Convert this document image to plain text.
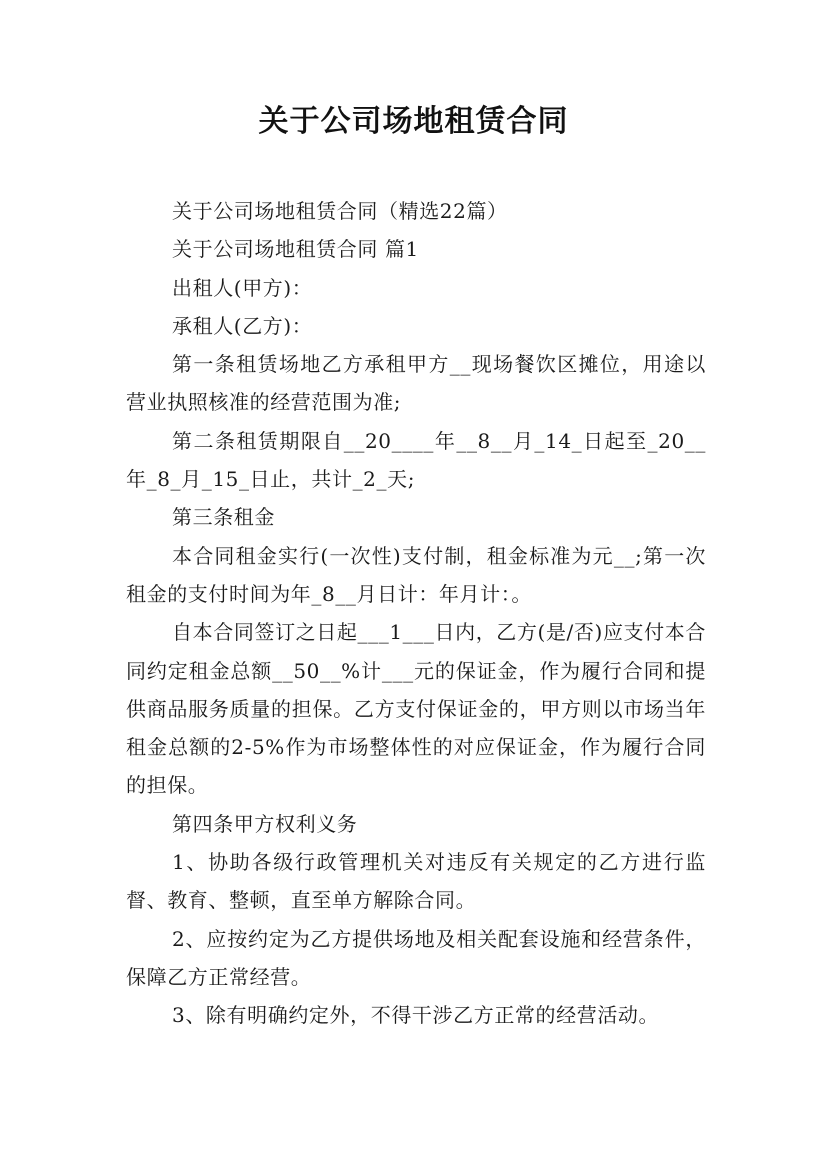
关于公司场地租赁合同

关于公司场地租赁合同（精选22篇）

关于公司场地租赁合同 篇1

出租人(甲方)：

承租人(乙方)：

第一条租赁场地乙方承租甲方__现场餐饮区摊位，用途以营业执照核准的经营范围为准;

第二条租赁期限自__20____年__8__月_14_日起至_20__年_8_月_15_日止，共计_2_天;

第三条租金

本合同租金实行(一次性)支付制，租金标准为元__;第一次租金的支付时间为年_8__月日计：年月计：。

自本合同签订之日起___1___日内，乙方(是/否)应支付本合同约定租金总额__50__%计___元的保证金，作为履行合同和提供商品服务质量的担保。乙方支付保证金的，甲方则以市场当年租金总额的2-5%作为市场整体性的对应保证金，作为履行合同的担保。

第四条甲方权利义务

1、协助各级行政管理机关对违反有关规定的乙方进行监督、教育、整顿，直至单方解除合同。

2、应按约定为乙方提供场地及相关配套设施和经营条件，保障乙方正常经营。

3、除有明确约定外，不得干涉乙方正常的经营活动。
